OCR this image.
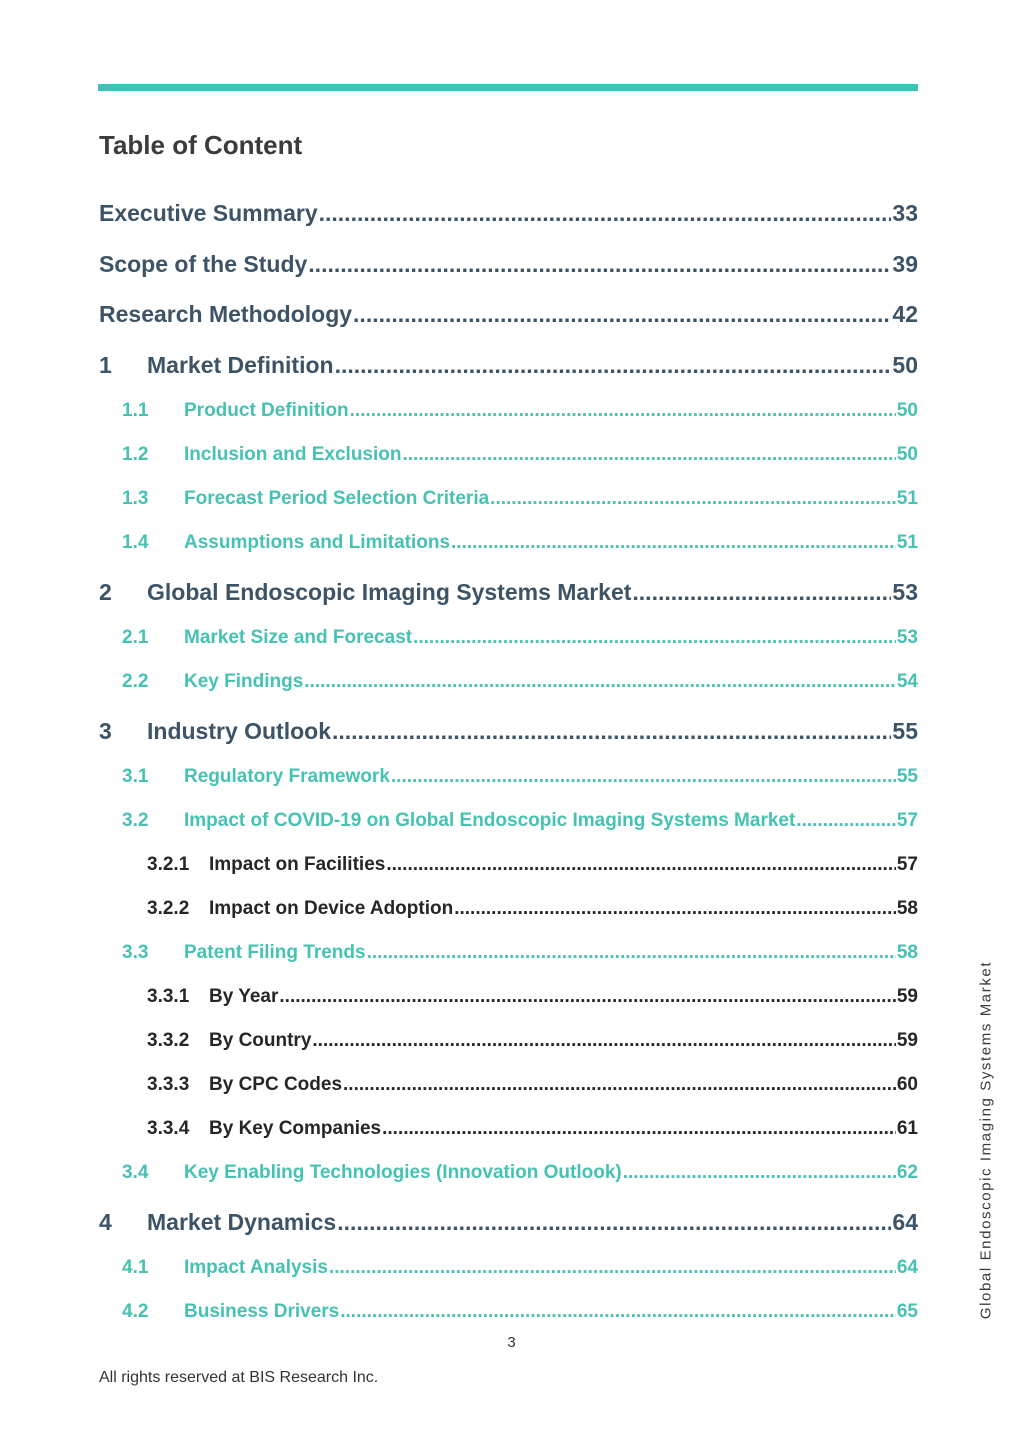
Table of Content
Executive Summary .....	33
Scope of the Study .....	39
Research Methodology .....	42
1	Market Definition .....	50
1.1	Product Definition .....	50
1.2	Inclusion and Exclusion .....	50
1.3	Forecast Period Selection Criteria .....	51
1.4	Assumptions and Limitations .....	51
2	Global Endoscopic Imaging Systems Market .....	53
2.1	Market Size and Forecast .....	53
2.2	Key Findings .....	54
3	Industry Outlook .....	55
3.1	Regulatory Framework .....	55
3.2	Impact of COVID-19 on Global Endoscopic Imaging Systems Market .....	57
3.2.1	Impact on Facilities .....	57
3.2.2	Impact on Device Adoption .....	58
3.3	Patent Filing Trends .....	58
3.3.1	By Year .....	59
3.3.2	By Country .....	59
3.3.3	By CPC Codes .....	60
3.3.4	By Key Companies .....	61
3.4	Key Enabling Technologies (Innovation Outlook) .....	62
4	Market Dynamics .....	64
4.1	Impact Analysis .....	64
4.2	Business Drivers .....	65	Global Endoscopic Imaging Systems Market
3
All rights reserved at BIS Research Inc.
